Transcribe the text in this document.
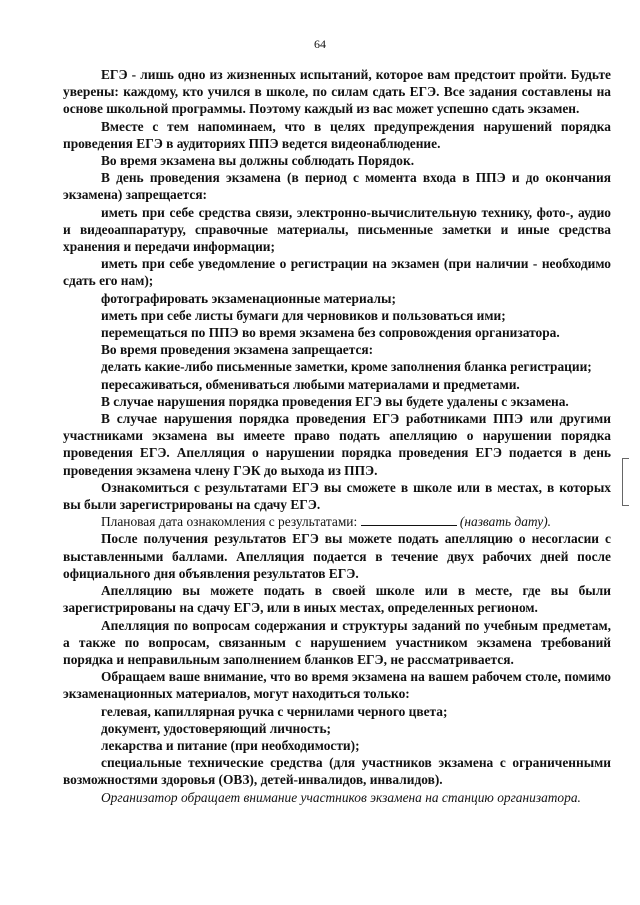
64

ЕГЭ - лишь одно из жизненных испытаний, которое вам предстоит пройти. Будьте уверены: каждому, кто учился в школе, по силам сдать ЕГЭ. Все задания составлены на основе школьной программы. Поэтому каждый из вас может успешно сдать экзамен.

Вместе с тем напоминаем, что в целях предупреждения нарушений порядка проведения ЕГЭ в аудиториях ППЭ ведется видеонаблюдение.

Во время экзамена вы должны соблюдать Порядок.

В день проведения экзамена (в период с момента входа в ППЭ и до окончания экзамена) запрещается:

иметь при себе средства связи, электронно-вычислительную технику, фото-, аудио и видеоаппаратуру, справочные материалы, письменные заметки и иные средства хранения и передачи информации;

иметь при себе уведомление о регистрации на экзамен (при наличии - необходимо сдать его нам);

фотографировать экзаменационные материалы;

иметь при себе листы бумаги для черновиков и пользоваться ими;

перемещаться по ППЭ во время экзамена без сопровождения организатора.

Во время проведения экзамена запрещается:

делать какие-либо письменные заметки, кроме заполнения бланка регистрации;

пересаживаться, обмениваться любыми материалами и предметами.

В случае нарушения порядка проведения ЕГЭ вы будете удалены с экзамена.

В случае нарушения порядка проведения ЕГЭ работниками ППЭ или другими участниками экзамена вы имеете право подать апелляцию о нарушении порядка проведения ЕГЭ. Апелляция о нарушении порядка проведения ЕГЭ подается в день проведения экзамена члену ГЭК до выхода из ППЭ.

Ознакомиться с результатами ЕГЭ вы сможете в школе или в местах, в которых вы были зарегистрированы на сдачу ЕГЭ.

Плановая дата ознакомления с результатами:	(назвать дату).

После получения результатов ЕГЭ вы можете подать апелляцию о несогласии с выставленными баллами. Апелляция подается в течение двух рабочих дней после официального дня объявления результатов ЕГЭ.

Апелляцию вы можете подать в своей школе или в месте, где вы были зарегистрированы на сдачу ЕГЭ, или в иных местах, определенных регионом.

Апелляция по вопросам содержания и структуры заданий по учебным предметам, а также по вопросам, связанным с нарушением участником экзамена требований порядка и неправильным заполнением бланков ЕГЭ, не рассматривается.

Обращаем ваше внимание, что во время экзамена на вашем рабочем столе, помимо экзаменационных материалов, могут находиться только:

гелевая, капиллярная ручка с чернилами черного цвета;

документ, удостоверяющий личность;

лекарства и питание (при необходимости);

специальные технические средства (для участников экзамена с ограниченными возможностями здоровья (ОВЗ), детей-инвалидов, инвалидов).

Организатор обращает внимание участников экзамена на станцию организатора.
